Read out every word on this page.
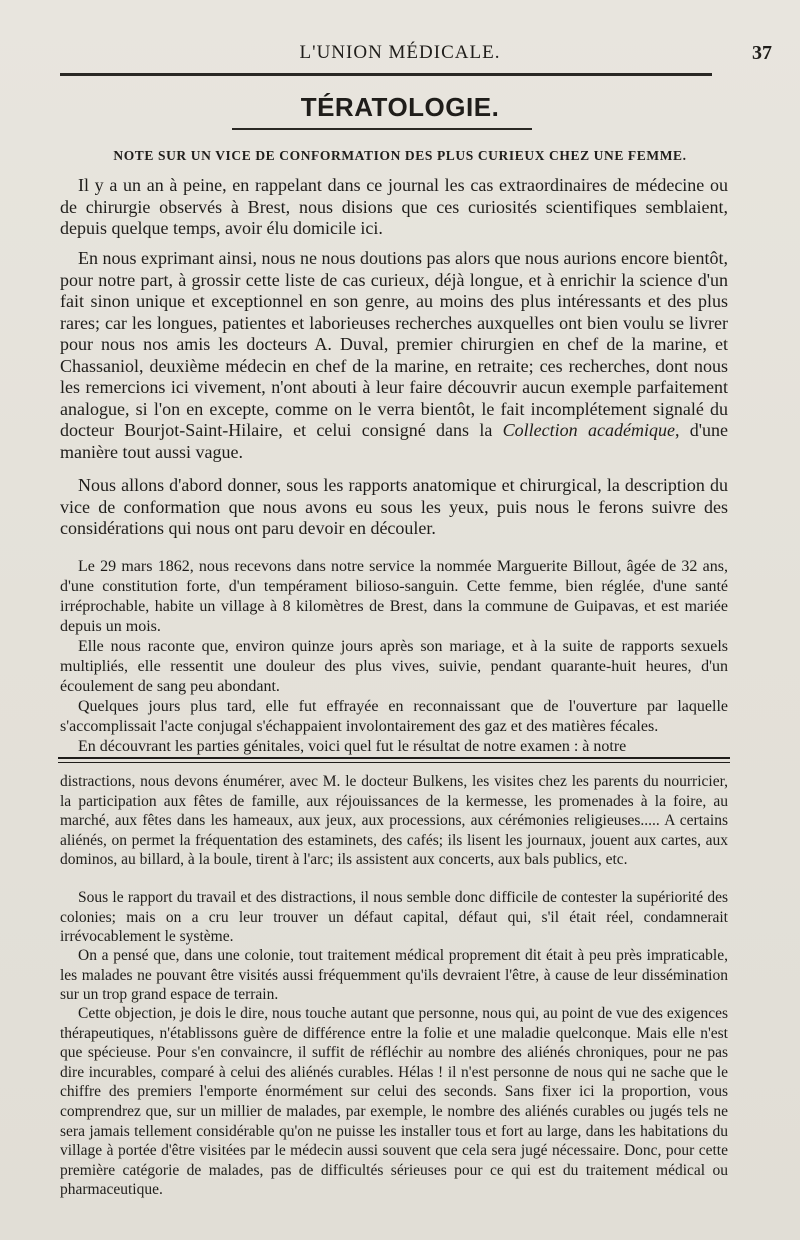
L'UNION MÉDICALE.	37
TÉRATOLOGIE.
NOTE SUR UN VICE DE CONFORMATION DES PLUS CURIEUX CHEZ UNE FEMME.

Il y a un an à peine, en rappelant dans ce journal les cas extraordinaires de médecine ou de chirurgie observés à Brest, nous disions que ces curiosités scientifiques semblaient, depuis quelque temps, avoir élu domicile ici.

En nous exprimant ainsi, nous ne nous doutions pas alors que nous aurions encore bientôt, pour notre part, à grossir cette liste de cas curieux, déjà longue, et à enrichir la science d'un fait sinon unique et exceptionnel en son genre, au moins des plus intéressants et des plus rares; car les longues, patientes et laborieuses recherches auxquelles ont bien voulu se livrer pour nous nos amis les docteurs A. Duval, premier chirurgien en chef de la marine, et Chassaniol, deuxième médecin en chef de la marine, en retraite; ces recherches, dont nous les remercions ici vivement, n'ont abouti à leur faire découvrir aucun exemple parfaitement analogue, si l'on en excepte, comme on le verra bientôt, le fait incomplétement signalé du docteur Bourjot-Saint-Hilaire, et celui consigné dans la Collection académique, d'une manière tout aussi vague.

Nous allons d'abord donner, sous les rapports anatomique et chirurgical, la description du vice de conformation que nous avons eu sous les yeux, puis nous le ferons suivre des considérations qui nous ont paru devoir en découler.

Le 29 mars 1862, nous recevons dans notre service la nommée Marguerite Billout, âgée de 32 ans, d'une constitution forte, d'un tempérament bilioso-sanguin. Cette femme, bien réglée, d'une santé irréprochable, habite un village à 8 kilomètres de Brest, dans la commune de Guipavas, et est mariée depuis un mois.

Elle nous raconte que, environ quinze jours après son mariage, et à la suite de rapports sexuels multipliés, elle ressentit une douleur des plus vives, suivie, pendant quarante-huit heures, d'un écoulement de sang peu abondant.

Quelques jours plus tard, elle fut effrayée en reconnaissant que de l'ouverture par laquelle s'accomplissait l'acte conjugal s'échappaient involontairement des gaz et des matières fécales.

En découvrant les parties génitales, voici quel fut le résultat de notre examen : à notre

distractions, nous devons énumérer, avec M. le docteur Bulkens, les visites chez les parents du nourricier, la participation aux fêtes de famille, aux réjouissances de la kermesse, les promenades à la foire, au marché, aux fêtes dans les hameaux, aux jeux, aux processions, aux cérémonies religieuses..... A certains aliénés, on permet la fréquentation des estaminets, des cafés; ils lisent les journaux, jouent aux cartes, aux dominos, au billard, à la boule, tirent à l'arc; ils assistent aux concerts, aux bals publics, etc.

Sous le rapport du travail et des distractions, il nous semble donc difficile de contester la supériorité des colonies; mais on a cru leur trouver un défaut capital, défaut qui, s'il était réel, condamnerait irrévocablement le système.

On a pensé que, dans une colonie, tout traitement médical proprement dit était à peu près impraticable, les malades ne pouvant être visités aussi fréquemment qu'ils devraient l'être, à cause de leur dissémination sur un trop grand espace de terrain.

Cette objection, je dois le dire, nous touche autant que personne, nous qui, au point de vue des exigences thérapeutiques, n'établissons guère de différence entre la folie et une maladie quelconque. Mais elle n'est que spécieuse. Pour s'en convaincre, il suffit de réfléchir au nombre des aliénés chroniques, pour ne pas dire incurables, comparé à celui des aliénés curables. Hélas ! il n'est personne de nous qui ne sache que le chiffre des premiers l'emporte énormément sur celui des seconds. Sans fixer ici la proportion, vous comprendrez que, sur un millier de malades, par exemple, le nombre des aliénés curables ou jugés tels ne sera jamais tellement considérable qu'on ne puisse les installer tous et fort au large, dans les habitations du village à portée d'être visitées par le médecin aussi souvent que cela sera jugé nécessaire. Donc, pour cette première catégorie de malades, pas de difficultés sérieuses pour ce qui est du traitement médical ou pharmaceutique.
